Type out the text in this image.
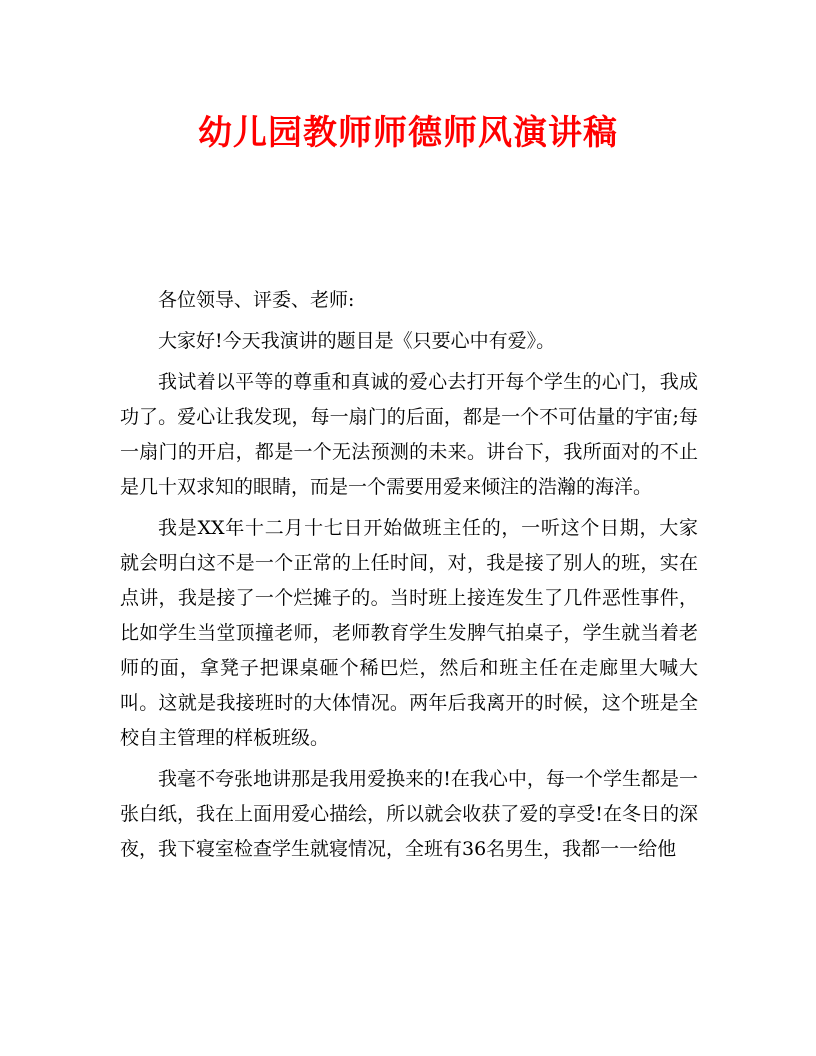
幼儿园教师师德师风演讲稿

各位领导、评委、老师:

大家好!今天我演讲的题目是《只要心中有爱》。

我试着以平等的尊重和真诚的爱心去打开每个学生的心门，我成功了。爱心让我发现，每一扇门的后面，都是一个不可估量的宇宙;每一扇门的开启，都是一个无法预测的未来。讲台下，我所面对的不止是几十双求知的眼睛，而是一个需要用爱来倾注的浩瀚的海洋。

我是XX年十二月十七日开始做班主任的，一听这个日期，大家就会明白这不是一个正常的上任时间，对，我是接了别人的班，实在点讲，我是接了一个烂摊子的。当时班上接连发生了几件恶性事件，比如学生当堂顶撞老师，老师教育学生发脾气拍桌子，学生就当着老师的面，拿凳子把课桌砸个稀巴烂，然后和班主任在走廊里大喊大叫。这就是我接班时的大体情况。两年后我离开的时候，这个班是全校自主管理的样板班级。

我毫不夸张地讲那是我用爱换来的!在我心中，每一个学生都是一张白纸，我在上面用爱心描绘，所以就会收获了爱的享受!在冬日的深夜，我下寝室检查学生就寝情况，全班有36名男生，我都一一给他
